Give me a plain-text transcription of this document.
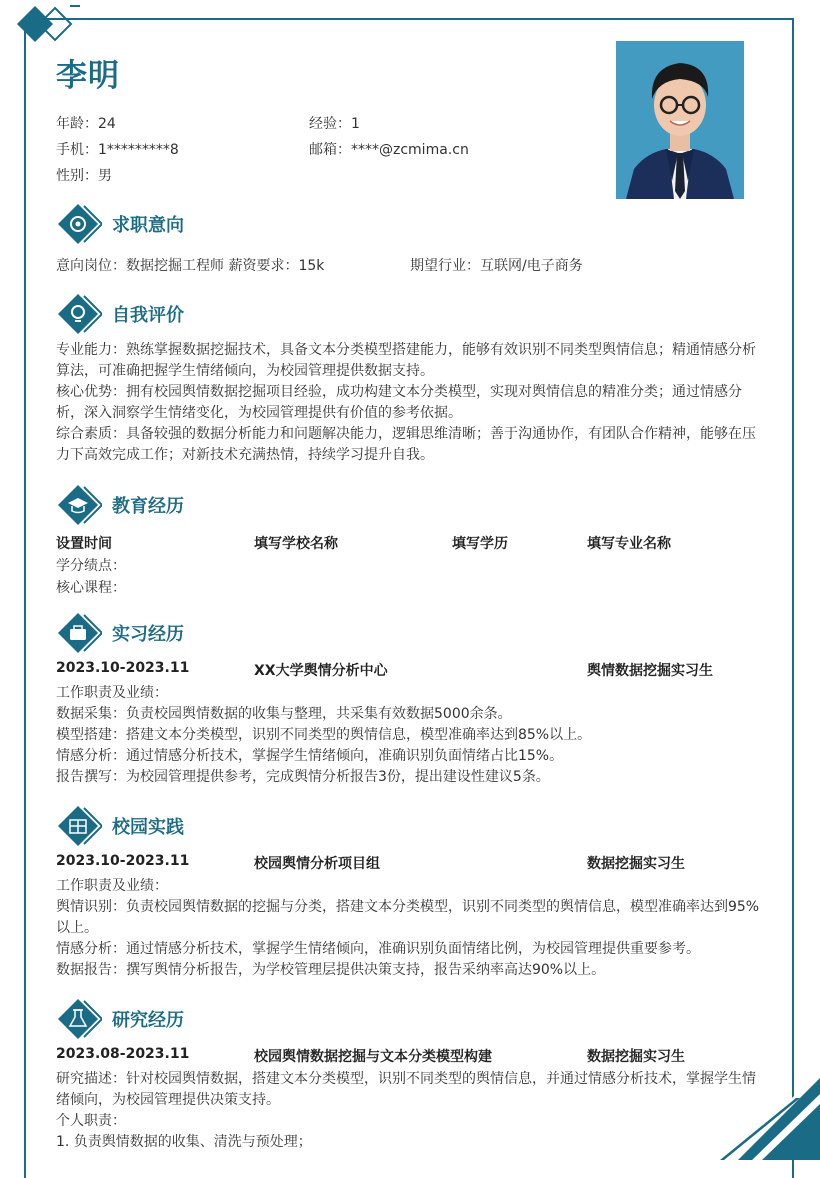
李明
年龄：24	经验：1
手机：1*********8	邮箱：****@zcmima.cn
性别：男
求职意向
意向岗位：数据挖掘工程师 薪资要求：15k	期望行业：互联网/电子商务
自我评价
专业能力：熟练掌握数据挖掘技术，具备文本分类模型搭建能力，能够有效识别不同类型舆情信息；精通情感分析算法，可准确把握学生情绪倾向，为校园管理提供数据支持。
核心优势：拥有校园舆情数据挖掘项目经验，成功构建文本分类模型，实现对舆情信息的精准分类；通过情感分析，深入洞察学生情绪变化，为校园管理提供有价值的参考依据。
综合素质：具备较强的数据分析能力和问题解决能力，逻辑思维清晰；善于沟通协作，有团队合作精神，能够在压力下高效完成工作；对新技术充满热情，持续学习提升自我。
教育经历
设置时间	填写学校名称	填写学历	填写专业名称
学分绩点：
核心课程：
实习经历
2023.10-2023.11	XX大学舆情分析中心	舆情数据挖掘实习生
工作职责及业绩：
数据采集：负责校园舆情数据的收集与整理，共采集有效数据5000余条。
模型搭建：搭建文本分类模型，识别不同类型的舆情信息，模型准确率达到85%以上。
情感分析：通过情感分析技术，掌握学生情绪倾向，准确识别负面情绪占比15%。
报告撰写：为校园管理提供参考，完成舆情分析报告3份，提出建设性建议5条。
校园实践
2023.10-2023.11	校园舆情分析项目组	数据挖掘实习生
工作职责及业绩：
舆情识别：负责校园舆情数据的挖掘与分类，搭建文本分类模型，识别不同类型的舆情信息，模型准确率达到95%以上。
情感分析：通过情感分析技术，掌握学生情绪倾向，准确识别负面情绪比例，为校园管理提供重要参考。
数据报告：撰写舆情分析报告，为学校管理层提供决策支持，报告采纳率高达90%以上。
研究经历
2023.08-2023.11	校园舆情数据挖掘与文本分类模型构建	数据挖掘实习生
研究描述：针对校园舆情数据，搭建文本分类模型，识别不同类型的舆情信息，并通过情感分析技术，掌握学生情绪倾向，为校园管理提供决策支持。
个人职责：
1. 负责舆情数据的收集、清洗与预处理；
